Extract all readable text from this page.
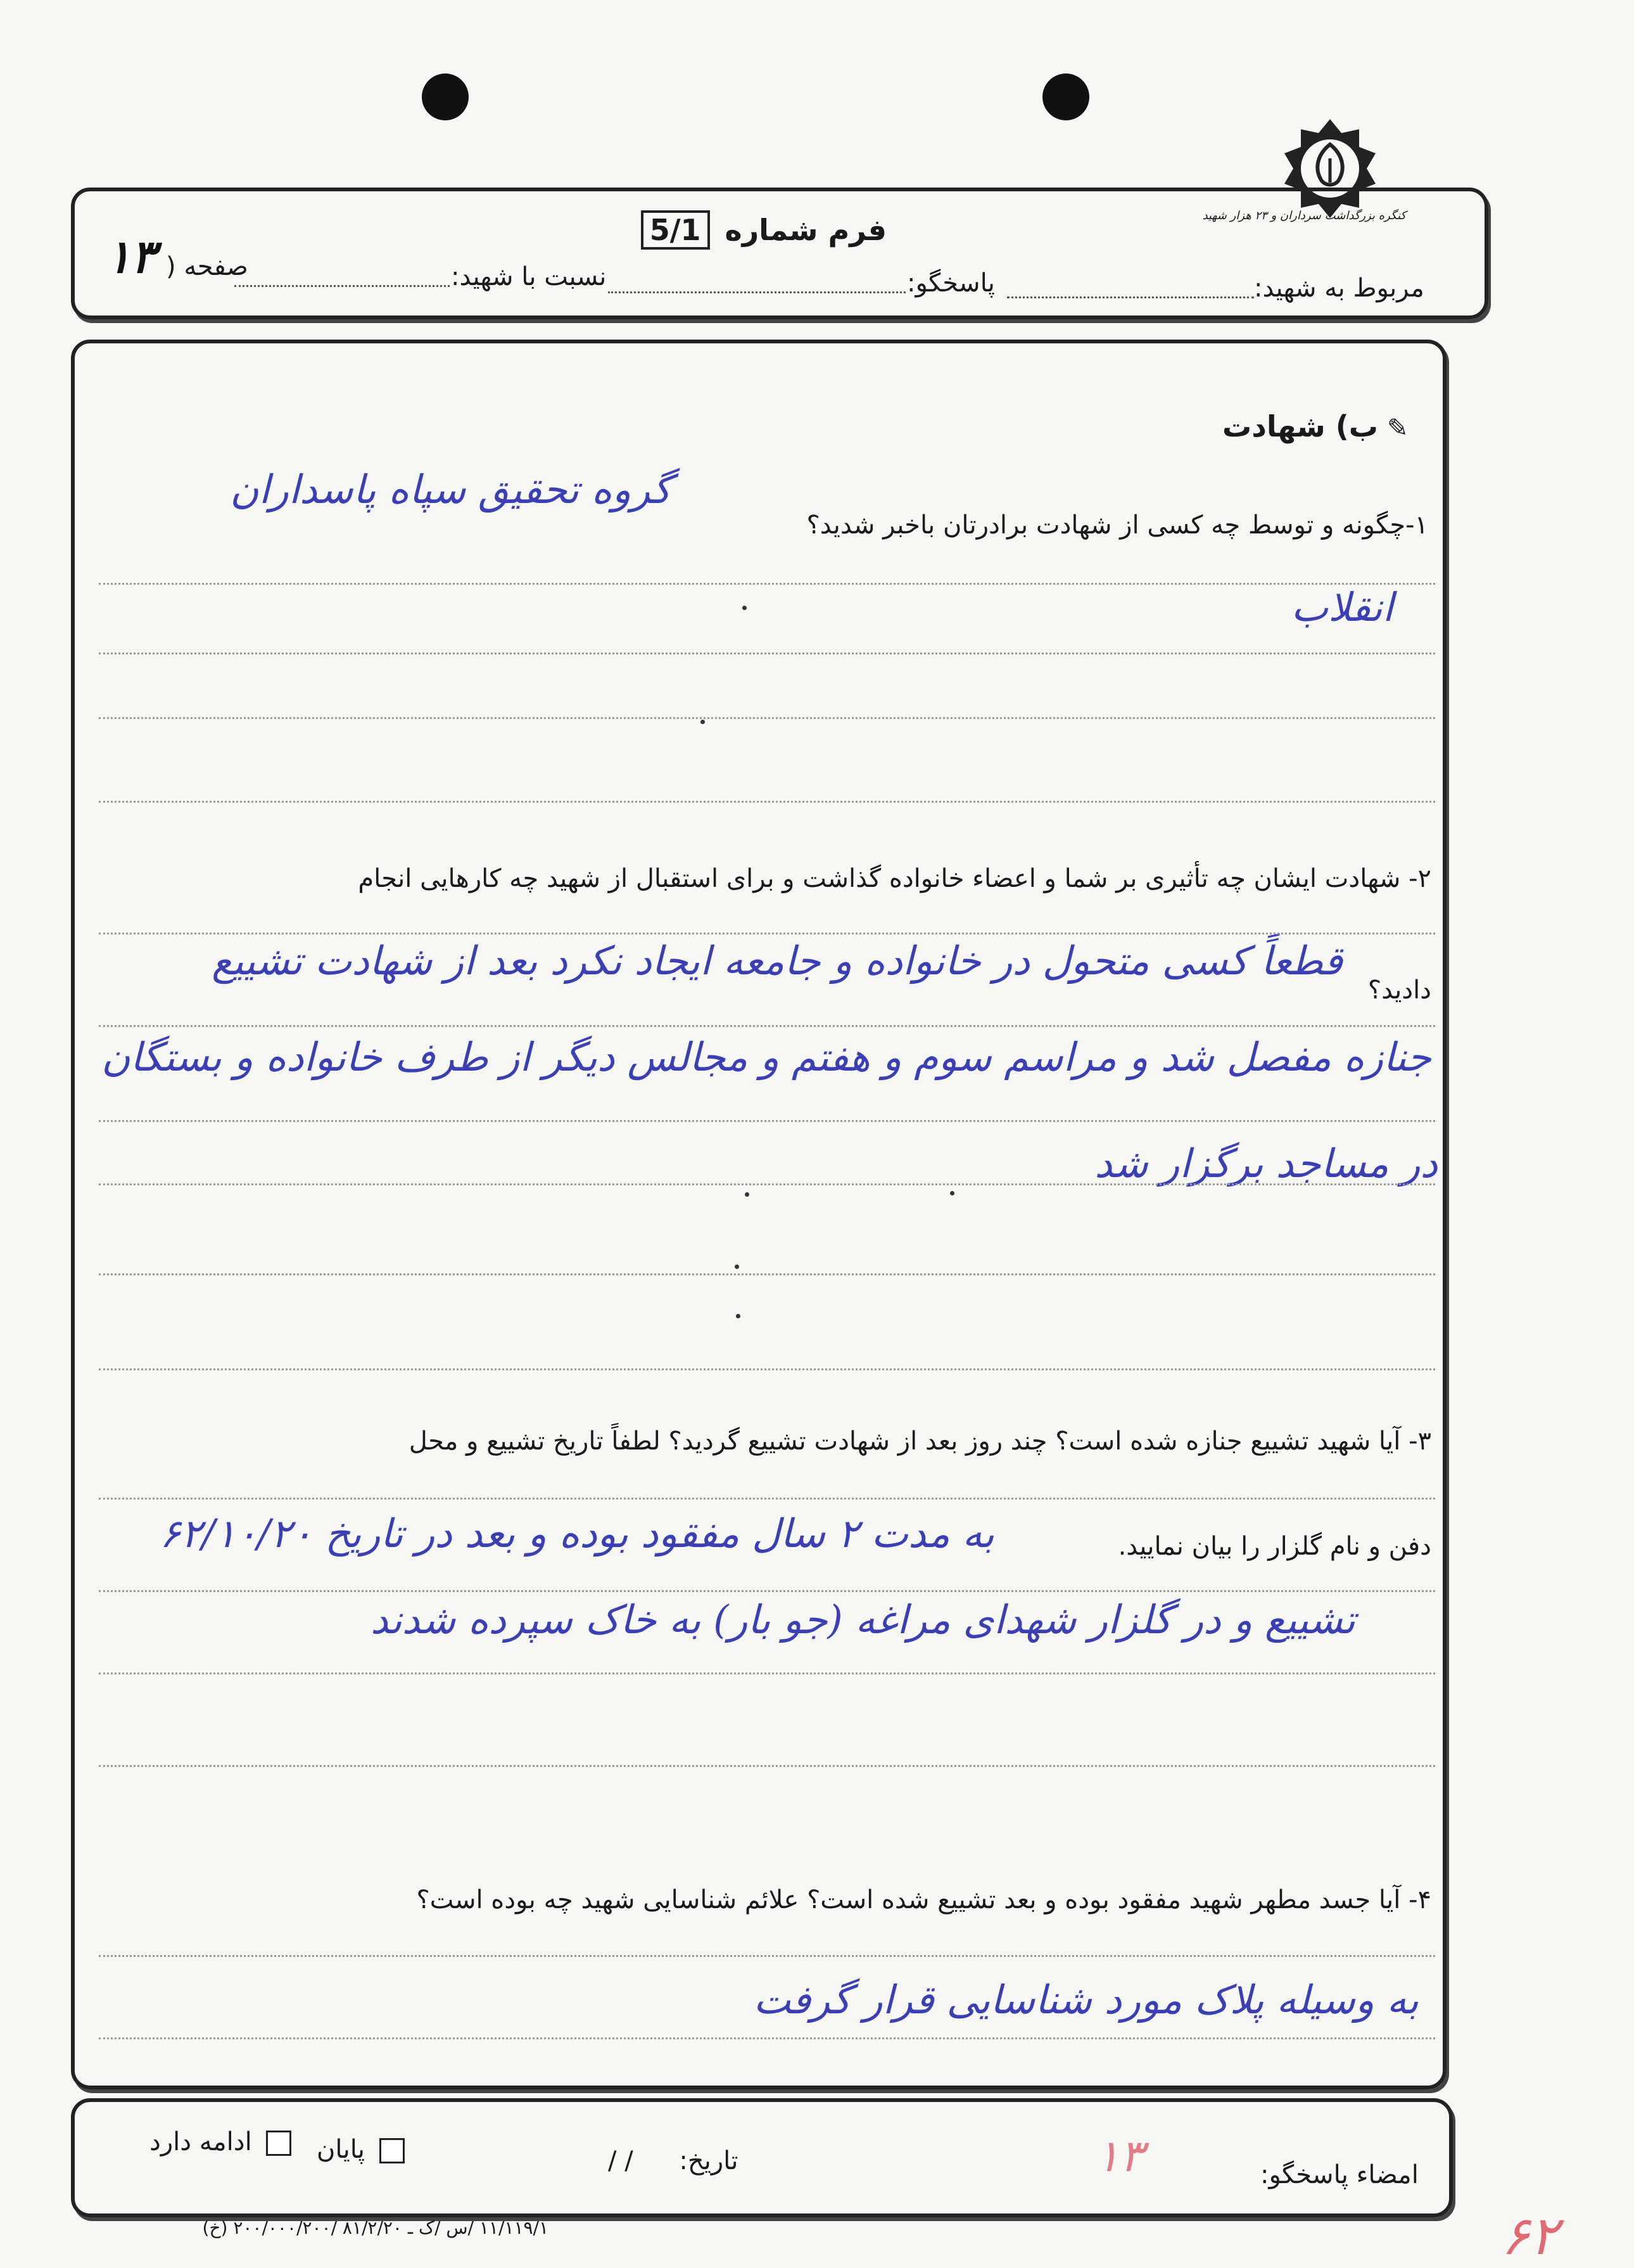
کنگره بزرگداشت سرداران و ۲۳ هزار شهید
فرم شماره 5/1
مربوط به شهید:
پاسخگو:
نسبت با شهید:
صفحه (
۱۳
✎ب) شهادت
۱-چگونه و توسط چه کسی از شهادت برادرتان باخبر شدید؟
گروه تحقیق سپاه پاسداران
انقلاب
۲- شهادت ایشان چه تأثیری بر شما و اعضاء خانواده گذاشت و برای استقبال از شهید چه کارهایی انجام
دادید؟
قطعاً کسی متحول در خانواده و جامعه ایجاد نکرد بعد از شهادت تشییع
جنازه مفصل شد و مراسم سوم و هفتم و مجالس دیگر از طرف خانواده و بستگان
در مساجد برگزار شد
۳- آیا شهید تشییع جنازه شده است؟ چند روز بعد از شهادت تشییع گردید؟ لطفاً تاریخ تشییع و محل
دفن و نام گلزار را بیان نمایید.
به مدت ۲ سال مفقود بوده و بعد در تاریخ ۶۲/۱۰/۲۰
تشییع و در گلزار شهدای مراغه (جو بار) به خاک سپرده شدند
۴- آیا جسد مطهر شهید مفقود بوده و بعد تشییع شده است؟ علائم شناسایی شهید چه بوده است؟
به وسیله پلاک مورد شناسایی قرار گرفت
ادامه دارد	پایان	تاریخ: / /	۱۳	امضاء پاسخگو:
۱۱/۱۱۹/۱ /س /ک ـ ۸۱/۲/۲۰ /۲۰۰/۰۰۰/۲۰۰ (خ)	۶۲
